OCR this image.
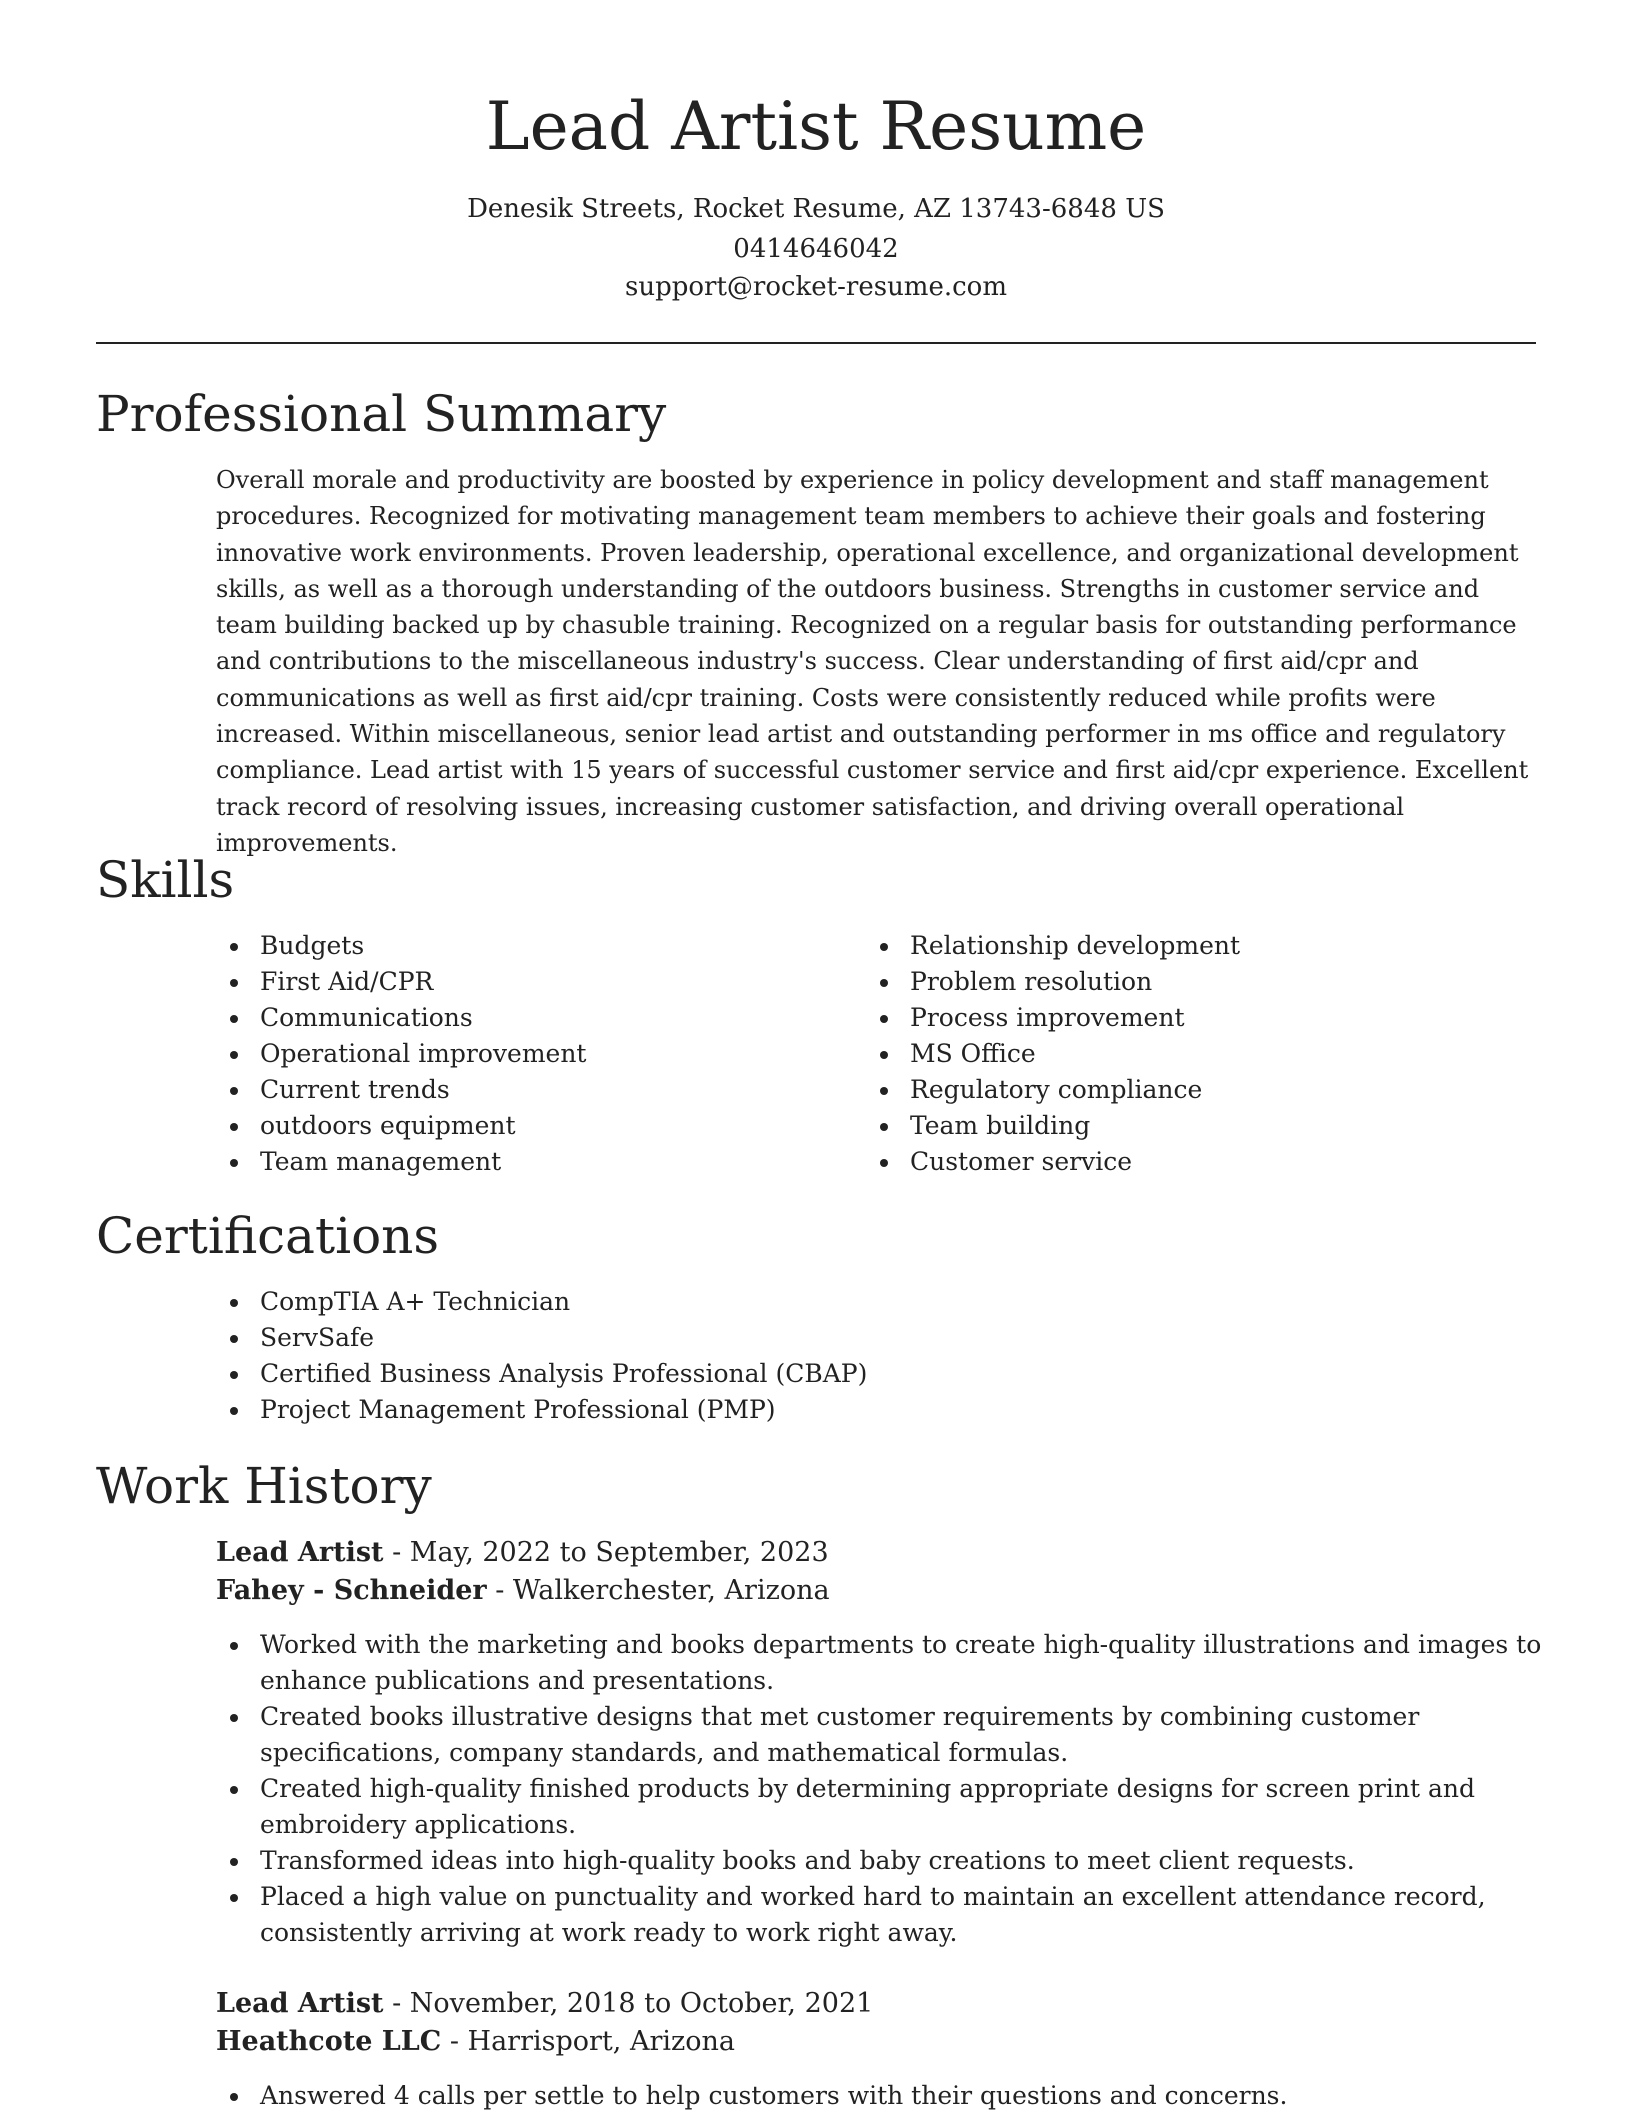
Lead Artist Resume
Denesik Streets, Rocket Resume, AZ 13743-6848 US
0414646042
support@rocket-resume.com
Professional Summary
Overall morale and productivity are boosted by experience in policy development and staff management procedures. Recognized for motivating management team members to achieve their goals and fostering innovative work environments. Proven leadership, operational excellence, and organizational development skills, as well as a thorough understanding of the outdoors business. Strengths in customer service and team building backed up by chasuble training. Recognized on a regular basis for outstanding performance and contributions to the miscellaneous industry's success. Clear understanding of first aid/cpr and communications as well as first aid/cpr training. Costs were consistently reduced while profits were increased. Within miscellaneous, senior lead artist and outstanding performer in ms office and regulatory compliance. Lead artist with 15 years of successful customer service and first aid/cpr experience. Excellent track record of resolving issues, increasing customer satisfaction, and driving overall operational improvements.
Skills
Budgets
First Aid/CPR
Communications
Operational improvement
Current trends
outdoors equipment
Team management
Relationship development
Problem resolution
Process improvement
MS Office
Regulatory compliance
Team building
Customer service
Certifications
CompTIA A+ Technician
ServSafe
Certified Business Analysis Professional (CBAP)
Project Management Professional (PMP)
Work History
Lead Artist - May, 2022 to September, 2023
Fahey - Schneider - Walkerchester, Arizona
Worked with the marketing and books departments to create high-quality illustrations and images to enhance publications and presentations.
Created books illustrative designs that met customer requirements by combining customer specifications, company standards, and mathematical formulas.
Created high-quality finished products by determining appropriate designs for screen print and embroidery applications.
Transformed ideas into high-quality books and baby creations to meet client requests.
Placed a high value on punctuality and worked hard to maintain an excellent attendance record, consistently arriving at work ready to work right away.
Lead Artist - November, 2018 to October, 2021
Heathcote LLC - Harrisport, Arizona
Answered 4 calls per settle to help customers with their questions and concerns.
